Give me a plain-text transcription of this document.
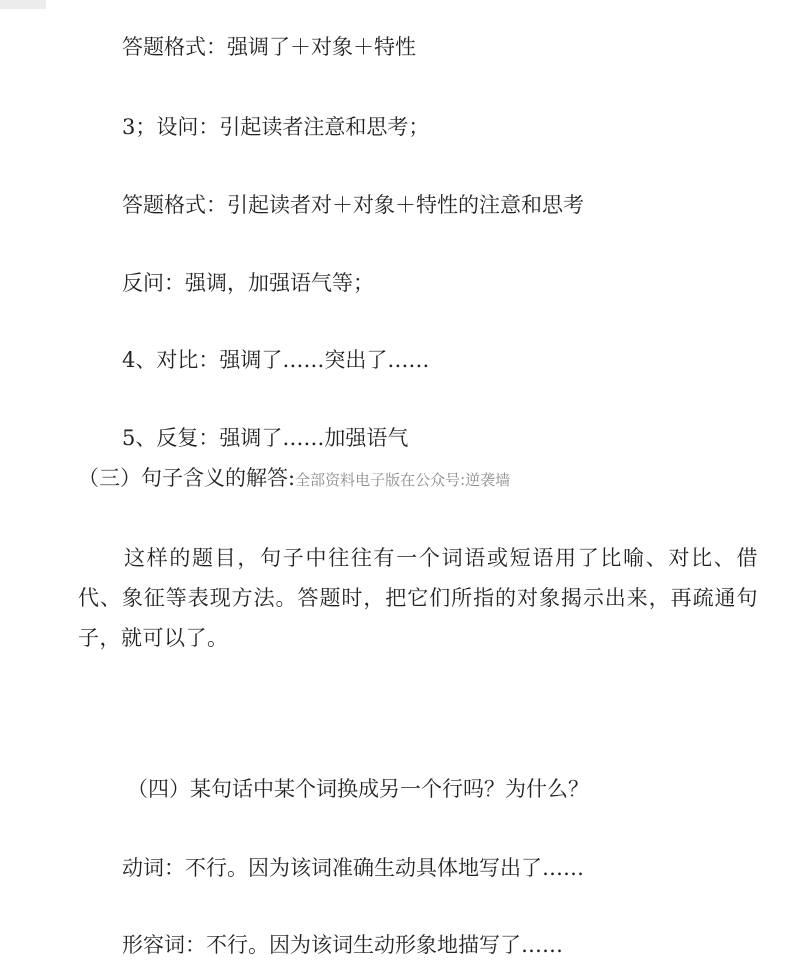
答题格式：强调了＋对象＋特性
3；设问：引起读者注意和思考；
答题格式：引起读者对＋对象＋特性的注意和思考
反问：强调，加强语气等；
4、对比：强调了……突出了……
5、反复：强调了……加强语气
（三）句子含义的解答:全部资料电子版在公众号:逆袭墙
这样的题目，句子中往往有一个词语或短语用了比喻、对比、借代、象征等表现方法。答题时，把它们所指的对象揭示出来，再疏通句子，就可以了。
（四）某句话中某个词换成另一个行吗？为什么？
动词：不行。因为该词准确生动具体地写出了……
形容词：不行。因为该词生动形象地描写了……
